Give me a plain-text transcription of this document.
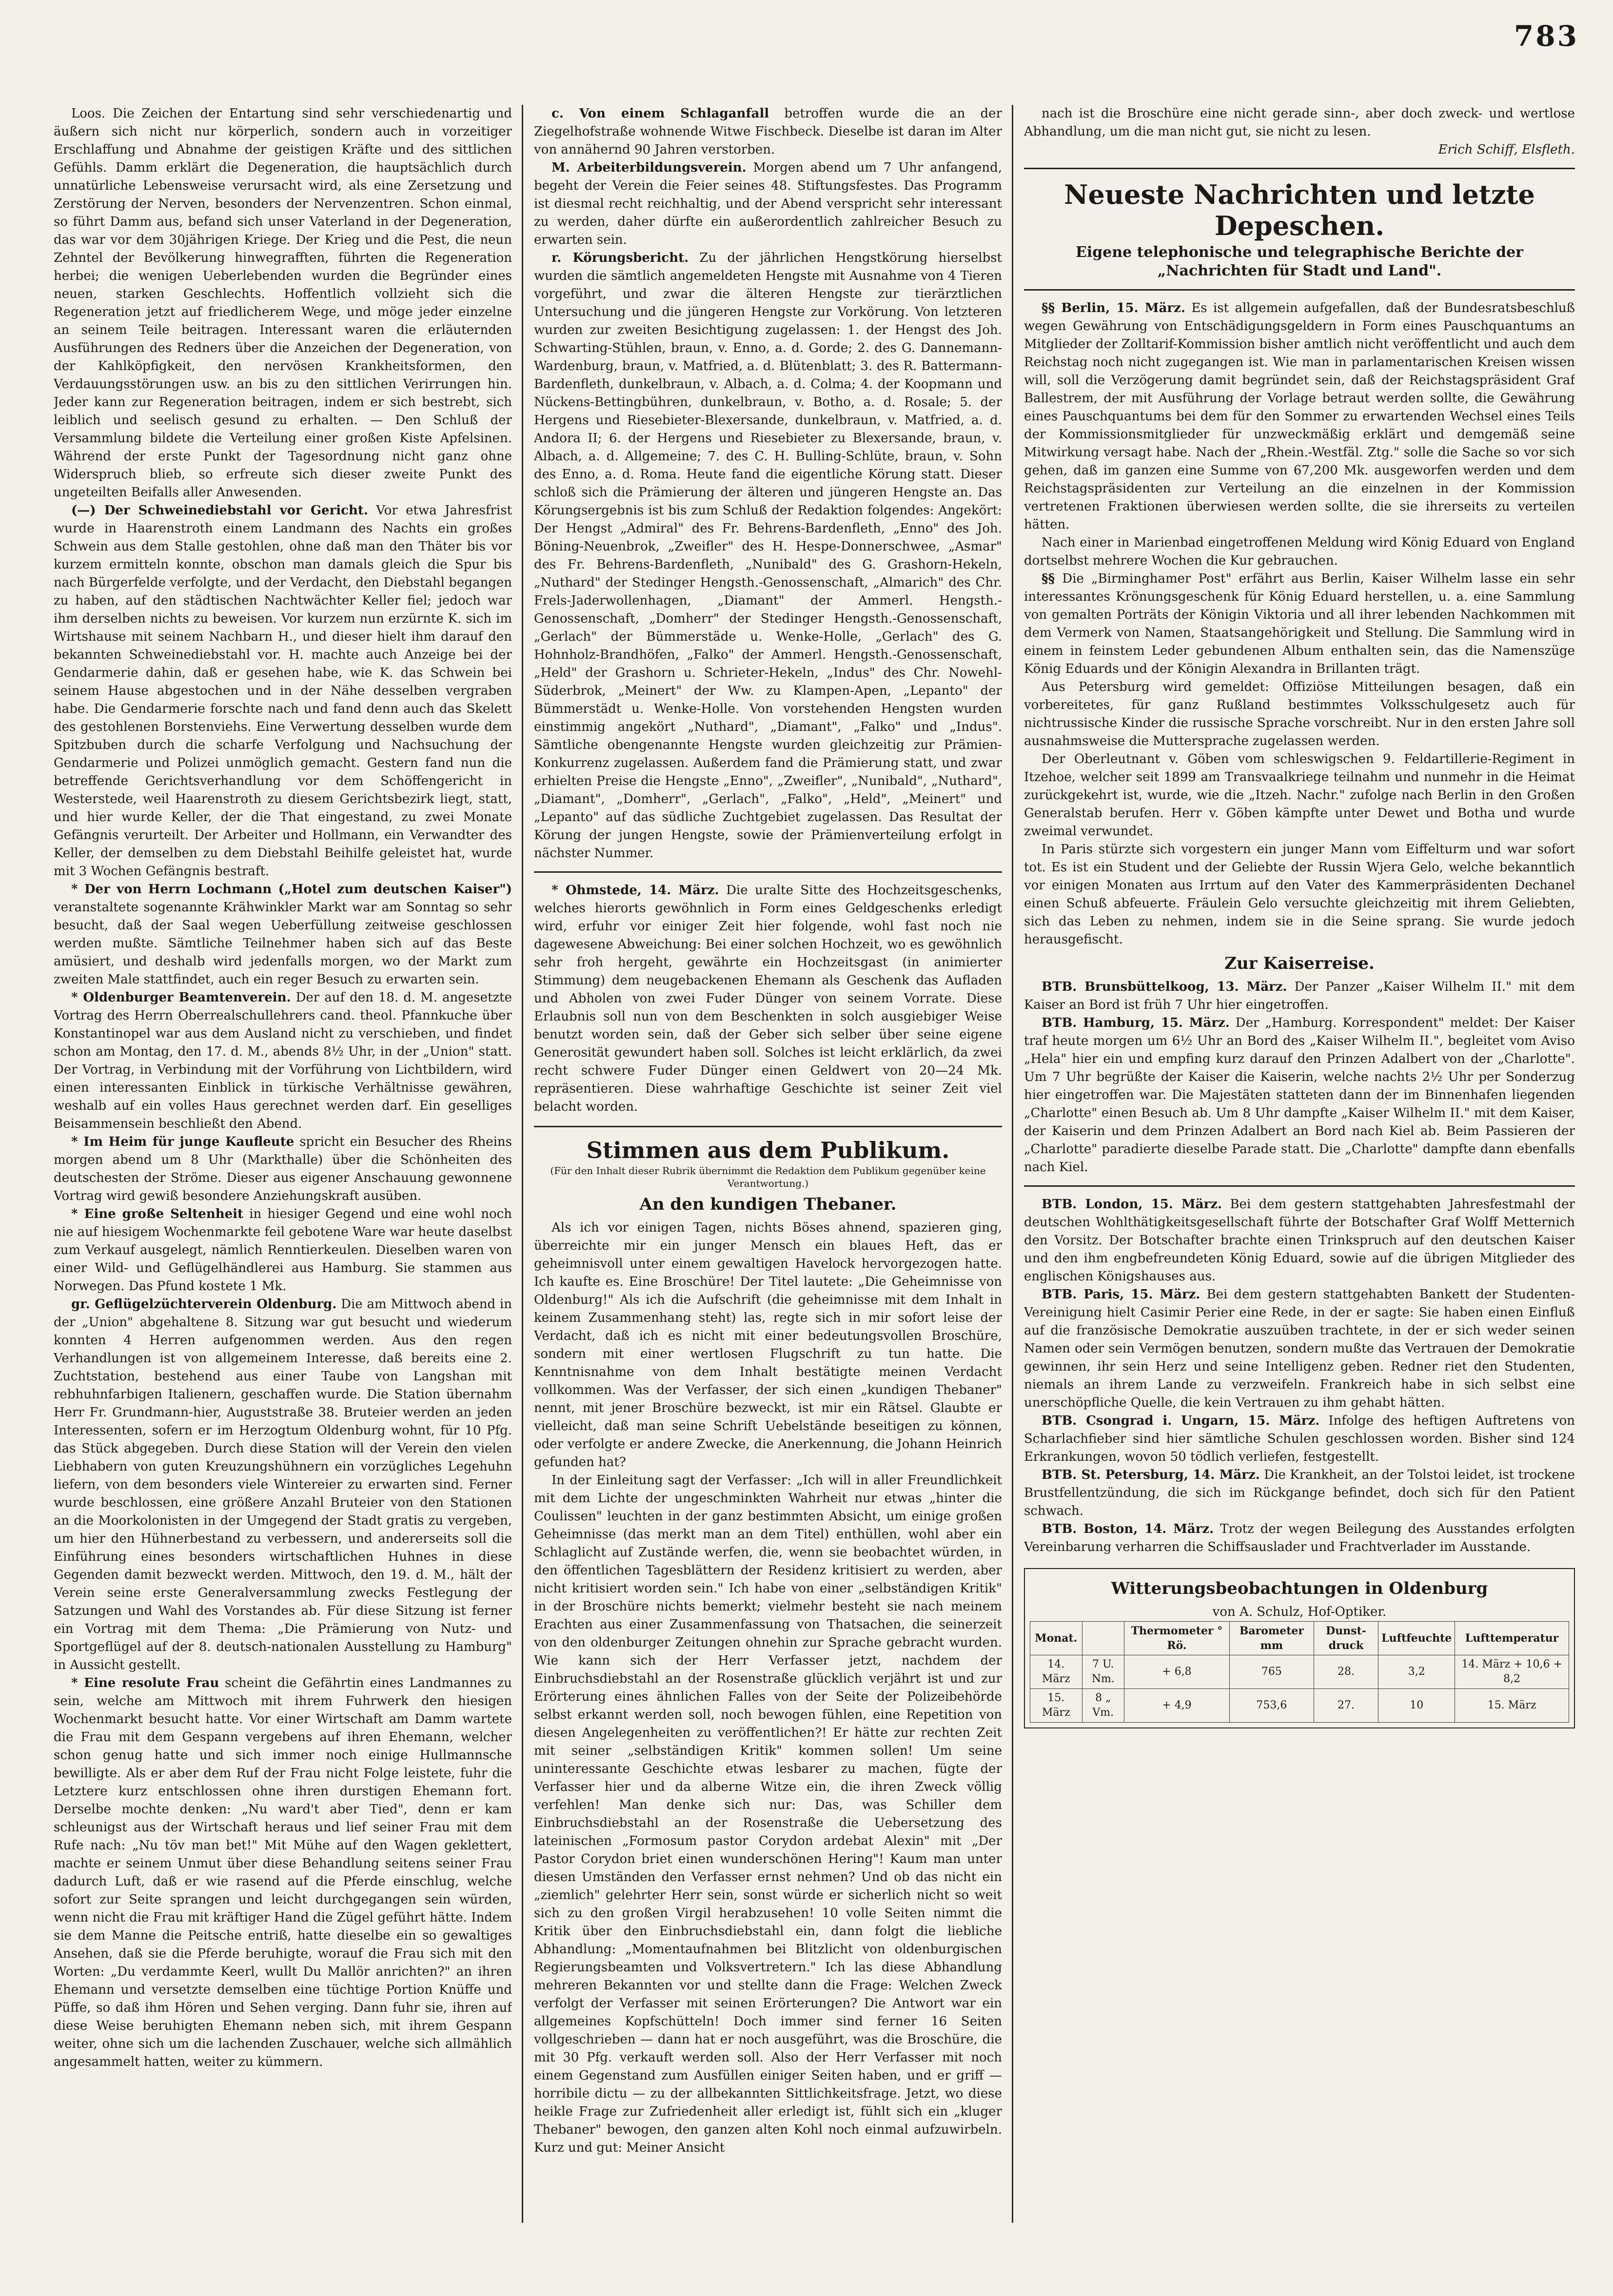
783

Loos. Die Zeichen der Entartung sind sehr verschiedenartig und äußern sich nicht nur körperlich, sondern auch in vorzeitiger Erschlaffung und Abnahme der geistigen Kräfte und des sittlichen Gefühls. Damm erklärt die Degeneration, die hauptsächlich durch unnatürliche Lebensweise verursacht wird, als eine Zersetzung und Zerstörung der Nerven, besonders der Nervenzentren. Schon einmal, so führt Damm aus, befand sich unser Vaterland in der Degeneration, das war vor dem 30jährigen Kriege. Der Krieg und die Pest, die neun Zehntel der Bevölkerung hinwegrafften, führten die Regeneration herbei; die wenigen Ueberlebenden wurden die Begründer eines neuen, starken Geschlechts. Hoffentlich vollzieht sich die Regeneration jetzt auf friedlicherem Wege, und möge jeder einzelne an seinem Teile beitragen. Interessant waren die erläuternden Ausführungen des Redners über die Anzeichen der Degeneration, von der Kahlköpfigkeit, den nervösen Krankheitsformen, den Verdauungsstörungen usw. an bis zu den sittlichen Verirrungen hin. Jeder kann zur Regeneration beitragen, indem er sich bestrebt, sich leiblich und seelisch gesund zu erhalten. — Den Schluß der Versammlung bildete die Verteilung einer großen Kiste Apfelsinen. Während der erste Punkt der Tagesordnung nicht ganz ohne Widerspruch blieb, so erfreute sich dieser zweite Punkt des ungeteilten Beifalls aller Anwesenden.

(—) Der Schweinediebstahl vor Gericht. Vor etwa Jahresfrist wurde in Haarenstroth einem Landmann des Nachts ein großes Schwein aus dem Stalle gestohlen, ohne daß man den Thäter bis vor kurzem ermitteln konnte, obschon man damals gleich die Spur bis nach Bürgerfelde verfolgte, und der Verdacht, den Diebstahl begangen zu haben, auf den städtischen Nachtwächter Keller fiel; jedoch war ihm derselben nichts zu beweisen. Vor kurzem nun erzürnte K. sich im Wirtshause mit seinem Nachbarn H., und dieser hielt ihm darauf den bekannten Schweinediebstahl vor. H. machte auch Anzeige bei der Gendarmerie dahin, daß er gesehen habe, wie K. das Schwein bei seinem Hause abgestochen und in der Nähe desselben vergraben habe. Die Gendarmerie forschte nach und fand denn auch das Skelett des gestohlenen Borstenviehs. Eine Verwertung desselben wurde dem Spitzbuben durch die scharfe Verfolgung und Nachsuchung der Gendarmerie und Polizei unmöglich gemacht. Gestern fand nun die betreffende Gerichtsverhandlung vor dem Schöffengericht in Westerstede, weil Haarenstroth zu diesem Gerichtsbezirk liegt, statt, und hier wurde Keller, der die That eingestand, zu zwei Monate Gefängnis verurteilt. Der Arbeiter und Hollmann, ein Verwandter des Keller, der demselben zu dem Diebstahl Beihilfe geleistet hat, wurde mit 3 Wochen Gefängnis bestraft.

* Der von Herrn Lochmann („Hotel zum deutschen Kaiser") veranstaltete sogenannte Krähwinkler Markt war am Sonntag so sehr besucht, daß der Saal wegen Ueberfüllung zeitweise geschlossen werden mußte. Sämtliche Teilnehmer haben sich auf das Beste amüsiert, und deshalb wird jedenfalls morgen, wo der Markt zum zweiten Male stattfindet, auch ein reger Besuch zu erwarten sein.

* Oldenburger Beamtenverein. Der auf den 18. d. M. angesetzte Vortrag des Herrn Oberrealschullehrers cand. theol. Pfannkuche über Konstantinopel war aus dem Ausland nicht zu verschieben, und findet schon am Montag, den 17. d. M., abends 8½ Uhr, in der „Union" statt. Der Vortrag, in Verbindung mit der Vorführung von Lichtbildern, wird einen interessanten Einblick in türkische Verhältnisse gewähren, weshalb auf ein volles Haus gerechnet werden darf. Ein geselliges Beisammensein beschließt den Abend.

* Im Heim für junge Kaufleute spricht ein Besucher des Rheins morgen abend um 8 Uhr (Markthalle) über die Schönheiten des deutschesten der Ströme. Dieser aus eigener Anschauung gewonnene Vortrag wird gewiß besondere Anziehungskraft ausüben.

* Eine große Seltenheit in hiesiger Gegend und eine wohl noch nie auf hiesigem Wochenmarkte feil gebotene Ware war heute daselbst zum Verkauf ausgelegt, nämlich Renntierkeulen. Dieselben waren von einer Wild- und Geflügelhändlerei aus Hamburg. Sie stammen aus Norwegen. Das Pfund kostete 1 Mk.

gr. Geflügelzüchterverein Oldenburg. Die am Mittwoch abend in der „Union" abgehaltene 8. Sitzung war gut besucht und wiederum konnten 4 Herren aufgenommen werden. Aus den regen Verhandlungen ist von allgemeinem Interesse, daß bereits eine 2. Zuchtstation, bestehend aus einer Taube von Langshan mit rebhuhnfarbigen Italienern, geschaffen wurde. Die Station übernahm Herr Fr. Grundmann-hier, Auguststraße 38. Bruteier werden an jeden Interessenten, sofern er im Herzogtum Oldenburg wohnt, für 10 Pfg. das Stück abgegeben. Durch diese Station will der Verein den vielen Liebhabern von guten Kreuzungshühnern ein vorzügliches Legehuhn liefern, von dem besonders viele Wintereier zu erwarten sind. Ferner wurde beschlossen, eine größere Anzahl Bruteier von den Stationen an die Moorkolonisten in der Umgegend der Stadt gratis zu vergeben, um hier den Hühnerbestand zu verbessern, und andererseits soll die Einführung eines besonders wirtschaftlichen Huhnes in diese Gegenden damit bezweckt werden. Mittwoch, den 19. d. M., hält der Verein seine erste Generalversammlung zwecks Festlegung der Satzungen und Wahl des Vorstandes ab. Für diese Sitzung ist ferner ein Vortrag mit dem Thema: „Die Prämierung von Nutz- und Sportgeflügel auf der 8. deutsch-nationalen Ausstellung zu Hamburg" in Aussicht gestellt.

* Eine resolute Frau scheint die Gefährtin eines Landmannes zu sein, welche am Mittwoch mit ihrem Fuhrwerk den hiesigen Wochenmarkt besucht hatte. Vor einer Wirtschaft am Damm wartete die Frau mit dem Gespann vergebens auf ihren Ehemann, welcher schon genug hatte und sich immer noch einige Hullmannsche bewilligte. Als er aber dem Ruf der Frau nicht Folge leistete, fuhr die Letztere kurz entschlossen ohne ihren durstigen Ehemann fort. Derselbe mochte denken: „Nu ward't aber Tied", denn er kam schleunigst aus der Wirtschaft heraus und lief seiner Frau mit dem Rufe nach: „Nu töv man bet!" Mit Mühe auf den Wagen geklettert, machte er seinem Unmut über diese Behandlung seitens seiner Frau dadurch Luft, daß er wie rasend auf die Pferde einschlug, welche sofort zur Seite sprangen und leicht durchgegangen sein würden, wenn nicht die Frau mit kräftiger Hand die Zügel geführt hätte. Indem sie dem Manne die Peitsche entriß, hatte dieselbe ein so gewaltiges Ansehen, daß sie die Pferde beruhigte, worauf die Frau sich mit den Worten: „Du verdammte Keerl, wullt Du Mallör anrichten?" an ihren Ehemann und versetzte demselben eine tüchtige Portion Knüffe und Püffe, so daß ihm Hören und Sehen verging. Dann fuhr sie, ihren auf diese Weise beruhigten Ehemann neben sich, mit ihrem Gespann weiter, ohne sich um die lachenden Zuschauer, welche sich allmählich angesammelt hatten, weiter zu kümmern.

c. Von einem Schlaganfall betroffen wurde die an der Ziegelhofstraße wohnende Witwe Fischbeck. Dieselbe ist daran im Alter von annähernd 90 Jahren verstorben.

M. Arbeiterbildungsverein. Morgen abend um 7 Uhr anfangend, begeht der Verein die Feier seines 48. Stiftungsfestes. Das Programm ist diesmal recht reichhaltig, und der Abend verspricht sehr interessant zu werden, daher dürfte ein außerordentlich zahlreicher Besuch zu erwarten sein.

r. Körungsbericht. Zu der jährlichen Hengstkörung hierselbst wurden die sämtlich angemeldeten Hengste mit Ausnahme von 4 Tieren vorgeführt, und zwar die älteren Hengste zur tierärztlichen Untersuchung und die jüngeren Hengste zur Vorkörung. Von letzteren wurden zur zweiten Besichtigung zugelassen: 1. der Hengst des Joh. Schwarting-Stühlen, braun, v. Enno, a. d. Gorde; 2. des G. Dannemann-Wardenburg, braun, v. Matfried, a. d. Blütenblatt; 3. des R. Battermann-Bardenfleth, dunkelbraun, v. Albach, a. d. Colma; 4. der Koopmann und Nückens-Bettingbühren, dunkelbraun, v. Botho, a. d. Rosale; 5. der Hergens und Riesebieter-Blexersande, dunkelbraun, v. Matfried, a. d. Andora II; 6. der Hergens und Riesebieter zu Blexersande, braun, v. Albach, a. d. Allgemeine; 7. des C. H. Bulling-Schlüte, braun, v. Sohn des Enno, a. d. Roma. Heute fand die eigentliche Körung statt. Dieser schloß sich die Prämierung der älteren und jüngeren Hengste an. Das Körungsergebnis ist bis zum Schluß der Redaktion folgendes: Angekört: Der Hengst „Admiral" des Fr. Behrens-Bardenfleth, „Enno" des Joh. Böning-Neuenbrok, „Zweifler" des H. Hespe-Donnerschwee, „Asmar" des Fr. Behrens-Bardenfleth, „Nunibald" des G. Grashorn-Hekeln, „Nuthard" der Stedinger Hengsth.-Genossenschaft, „Almarich" des Chr. Frels-Jaderwollenhagen, „Diamant" der Ammerl. Hengsth.-Genossenschaft, „Domherr" der Stedinger Hengsth.-Genossenschaft, „Gerlach" der Bümmerstäde u. Wenke-Holle, „Gerlach" des G. Hohnholz-Brandhöfen, „Falko" der Ammerl. Hengsth.-Genossenschaft, „Held" der Grashorn u. Schrieter-Hekeln, „Indus" des Chr. Nowehl-Süderbrok, „Meinert" der Ww. zu Klampen-Apen, „Lepanto" der Bümmerstädt u. Wenke-Holle. Von vorstehenden Hengsten wurden einstimmig angekört „Nuthard", „Diamant", „Falko" und „Indus". Sämtliche obengenannte Hengste wurden gleichzeitig zur Prämien-Konkurrenz zugelassen. Außerdem fand die Prämierung statt, und zwar erhielten Preise die Hengste „Enno", „Zweifler", „Nunibald", „Nuthard", „Diamant", „Domherr", „Gerlach", „Falko", „Held", „Meinert" und „Lepanto" auf das südliche Zuchtgebiet zugelassen. Das Resultat der Körung der jungen Hengste, sowie der Prämienverteilung erfolgt in nächster Nummer.

* Ohmstede, 14. März. Die uralte Sitte des Hochzeitsgeschenks, welches hierorts gewöhnlich in Form eines Geldgeschenks erledigt wird, erfuhr vor einiger Zeit hier folgende, wohl fast noch nie dagewesene Abweichung: Bei einer solchen Hochzeit, wo es gewöhnlich sehr froh hergeht, gewährte ein Hochzeitsgast (in animierter Stimmung) dem neugebackenen Ehemann als Geschenk das Aufladen und Abholen von zwei Fuder Dünger von seinem Vorrate. Diese Erlaubnis soll nun von dem Beschenkten in solch ausgiebiger Weise benutzt worden sein, daß der Geber sich selber über seine eigene Generosität gewundert haben soll. Solches ist leicht erklärlich, da zwei recht schwere Fuder Dünger einen Geldwert von 20—24 Mk. repräsentieren. Diese wahrhaftige Geschichte ist seiner Zeit viel belacht worden.

Stimmen aus dem Publikum.
(Für den Inhalt dieser Rubrik übernimmt die Redaktion dem Publikum gegenüber keine Verantwortung.)
An den kundigen Thebaner.

Als ich vor einigen Tagen, nichts Böses ahnend, spazieren ging, überreichte mir ein junger Mensch ein blaues Heft, das er geheimnisvoll unter einem gewaltigen Havelock hervorgezogen hatte. Ich kaufte es. Eine Broschüre! Der Titel lautete: „Die Geheimnisse von Oldenburg!" Als ich die Aufschrift (die geheimnisse mit dem Inhalt in keinem Zusammenhang steht) las, regte sich in mir sofort leise der Verdacht, daß ich es nicht mit einer bedeutungsvollen Broschüre, sondern mit einer wertlosen Flugschrift zu tun hatte. Die Kenntnisnahme von dem Inhalt bestätigte meinen Verdacht vollkommen. Was der Verfasser, der sich einen „kundigen Thebaner" nennt, mit jener Broschüre bezweckt, ist mir ein Rätsel. Glaubte er vielleicht, daß man seine Schrift Uebelstände beseitigen zu können, oder verfolgte er andere Zwecke, die Anerkennung, die Johann Heinrich gefunden hat?

In der Einleitung sagt der Verfasser: „Ich will in aller Freundlichkeit mit dem Lichte der ungeschminkten Wahrheit nur etwas „hinter die Coulissen" leuchten in der ganz bestimmten Absicht, um einige großen Geheimnisse (das merkt man an dem Titel) enthüllen, wohl aber ein Schlaglicht auf Zustände werfen, die, wenn sie beobachtet würden, in den öffentlichen Tagesblättern der Residenz kritisiert zu werden, aber nicht kritisiert worden sein." Ich habe von einer „selbständigen Kritik" in der Broschüre nichts bemerkt; vielmehr besteht sie nach meinem Erachten aus einer Zusammenfassung von Thatsachen, die seinerzeit von den oldenburger Zeitungen ohnehin zur Sprache gebracht wurden. Wie kann sich der Herr Verfasser jetzt, nachdem der Einbruchsdiebstahl an der Rosenstraße glücklich verjährt ist und zur Erörterung eines ähnlichen Falles von der Seite der Polizeibehörde selbst erkannt werden soll, noch bewogen fühlen, eine Repetition von diesen Angelegenheiten zu veröffentlichen?! Er hätte zur rechten Zeit mit seiner „selbständigen Kritik" kommen sollen! Um seine uninteressante Geschichte etwas lesbarer zu machen, fügte der Verfasser hier und da alberne Witze ein, die ihren Zweck völlig verfehlen! Man denke sich nur: Das, was Schiller dem Einbruchsdiebstahl an der Rosenstraße die Uebersetzung des lateinischen „Formosum pastor Corydon ardebat Alexin" mit „Der Pastor Corydon briet einen wunderschönen Hering"! Kaum man unter diesen Umständen den Verfasser ernst nehmen? Und ob das nicht ein „ziemlich" gelehrter Herr sein, sonst würde er sicherlich nicht so weit sich zu den großen Virgil herabzusehen! 10 volle Seiten nimmt die Kritik über den Einbruchsdiebstahl ein, dann folgt die liebliche Abhandlung: „Momentaufnahmen bei Blitzlicht von oldenburgischen Regierungsbeamten und Volksvertretern." Ich las diese Abhandlung mehreren Bekannten vor und stellte dann die Frage: Welchen Zweck verfolgt der Verfasser mit seinen Erörterungen? Die Antwort war ein allgemeines Kopfschütteln! Doch immer sind ferner 16 Seiten vollgeschrieben — dann hat er noch ausgeführt, was die Broschüre, die mit 30 Pfg. verkauft werden soll. Also der Herr Verfasser mit noch einem Gegenstand zum Ausfüllen einiger Seiten haben, und er griff — horribile dictu — zu der allbekannten Sittlichkeitsfrage. Jetzt, wo diese heikle Frage zur Zufriedenheit aller erledigt ist, fühlt sich ein „kluger Thebaner" bewogen, den ganzen alten Kohl noch einmal aufzuwirbeln. Kurz und gut: Meiner Ansicht

nach ist die Broschüre eine nicht gerade sinn-, aber doch zweck- und wertlose Abhandlung, um die man nicht gut, sie nicht zu lesen.

Erich Schiff, Elsfleth.

Neueste Nachrichten und letzte Depeschen.
Eigene telephonische und telegraphische Berichte der „Nachrichten für Stadt und Land".

§§ Berlin, 15. März. Es ist allgemein aufgefallen, daß der Bundesratsbeschluß wegen Gewährung von Entschädigungsgeldern in Form eines Pauschquantums an Mitglieder der Zolltarif-Kommission bisher amtlich nicht veröffentlicht und auch dem Reichstag noch nicht zugegangen ist. Wie man in parlamentarischen Kreisen wissen will, soll die Verzögerung damit begründet sein, daß der Reichstagspräsident Graf Ballestrem, der mit Ausführung der Vorlage betraut werden sollte, die Gewährung eines Pauschquantums bei dem für den Sommer zu erwartenden Wechsel eines Teils der Kommissionsmitglieder für unzweckmäßig erklärt und demgemäß seine Mitwirkung versagt habe. Nach der „Rhein.-Westfäl. Ztg." solle die Sache so vor sich gehen, daß im ganzen eine Summe von 67,200 Mk. ausgeworfen werden und dem Reichstagspräsidenten zur Verteilung an die einzelnen in der Kommission vertretenen Fraktionen überwiesen werden sollte, die sie ihrerseits zu verteilen hätten.

Nach einer in Marienbad eingetroffenen Meldung wird König Eduard von England dortselbst mehrere Wochen die Kur gebrauchen.

§§ Die „Birminghamer Post" erfährt aus Berlin, Kaiser Wilhelm lasse ein sehr interessantes Krönungsgeschenk für König Eduard herstellen, u. a. eine Sammlung von gemalten Porträts der Königin Viktoria und all ihrer lebenden Nachkommen mit dem Vermerk von Namen, Staatsangehörigkeit und Stellung. Die Sammlung wird in einem in feinstem Leder gebundenen Album enthalten sein, das die Namenszüge König Eduards und der Königin Alexandra in Brillanten trägt.

Aus Petersburg wird gemeldet: Offiziöse Mitteilungen besagen, daß ein vorbereitetes, für ganz Rußland bestimmtes Volksschulgesetz auch für nichtrussische Kinder die russische Sprache vorschreibt. Nur in den ersten Jahre soll ausnahmsweise die Muttersprache zugelassen werden.

Der Oberleutnant v. Göben vom schleswigschen 9. Feldartillerie-Regiment in Itzehoe, welcher seit 1899 am Transvaalkriege teilnahm und nunmehr in die Heimat zurückgekehrt ist, wurde, wie die „Itzeh. Nachr." zufolge nach Berlin in den Großen Generalstab berufen. Herr v. Göben kämpfte unter Dewet und Botha und wurde zweimal verwundet.

In Paris stürzte sich vorgestern ein junger Mann vom Eiffelturm und war sofort tot. Es ist ein Student und der Geliebte der Russin Wjera Gelo, welche bekanntlich vor einigen Monaten aus Irrtum auf den Vater des Kammerpräsidenten Dechanel einen Schuß abfeuerte. Fräulein Gelo versuchte gleichzeitig mit ihrem Geliebten, sich das Leben zu nehmen, indem sie in die Seine sprang. Sie wurde jedoch herausgefischt.

Zur Kaiserreise.

BTB. Brunsbüttelkoog, 13. März. Der Panzer „Kaiser Wilhelm II." mit dem Kaiser an Bord ist früh 7 Uhr hier eingetroffen.

BTB. Hamburg, 15. März. Der „Hamburg. Korrespondent" meldet: Der Kaiser traf heute morgen um 6½ Uhr an Bord des „Kaiser Wilhelm II.", begleitet vom Aviso „Hela" hier ein und empfing kurz darauf den Prinzen Adalbert von der „Charlotte". Um 7 Uhr begrüßte der Kaiser die Kaiserin, welche nachts 2½ Uhr per Sonderzug hier eingetroffen war. Die Majestäten statteten dann der im Binnenhafen liegenden „Charlotte" einen Besuch ab. Um 8 Uhr dampfte „Kaiser Wilhelm II." mit dem Kaiser, der Kaiserin und dem Prinzen Adalbert an Bord nach Kiel ab. Beim Passieren der „Charlotte" paradierte dieselbe Parade statt. Die „Charlotte" dampfte dann ebenfalls nach Kiel.

BTB. London, 15. März. Bei dem gestern stattgehabten Jahresfestmahl der deutschen Wohlthätigkeitsgesellschaft führte der Botschafter Graf Wolff Metternich den Vorsitz. Der Botschafter brachte einen Trinkspruch auf den deutschen Kaiser und den ihm engbefreundeten König Eduard, sowie auf die übrigen Mitglieder des englischen Königshauses aus.

BTB. Paris, 15. März. Bei dem gestern stattgehabten Bankett der Studenten-Vereinigung hielt Casimir Perier eine Rede, in der er sagte: Sie haben einen Einfluß auf die französische Demokratie auszuüben trachtete, in der er sich weder seinen Namen oder sein Vermögen benutzen, sondern mußte das Vertrauen der Demokratie gewinnen, ihr sein Herz und seine Intelligenz geben. Redner riet den Studenten, niemals an ihrem Lande zu verzweifeln. Frankreich habe in sich selbst eine unerschöpfliche Quelle, die kein Vertrauen zu ihm gehabt hätten.

BTB. Csongrad i. Ungarn, 15. März. Infolge des heftigen Auftretens von Scharlachfieber sind hier sämtliche Schulen geschlossen worden. Bisher sind 124 Erkrankungen, wovon 50 tödlich verliefen, festgestellt.

BTB. St. Petersburg, 14. März. Die Krankheit, an der Tolstoi leidet, ist trockene Brustfellentzündung, die sich im Rückgange befindet, doch sich für den Patient schwach.

BTB. Boston, 14. März. Trotz der wegen Beilegung des Ausstandes erfolgten Vereinbarung verharren die Schiffsauslader und Frachtverlader im Ausstande.

Witterungsbeobachtungen in Oldenburg
von A. Schulz, Hof-Optiker.
Monat.		Thermometer ° Rö.	Barometer mm	Dunst-druck	Luftfeuchte	Lufttemperatur
14. März	7 U. Nm.	+ 6,8	765	28.	3,2	14. März + 10,6 + 8,2
15. März	8 „ Vm.	+ 4,9	753,6	27.	10	15. März
